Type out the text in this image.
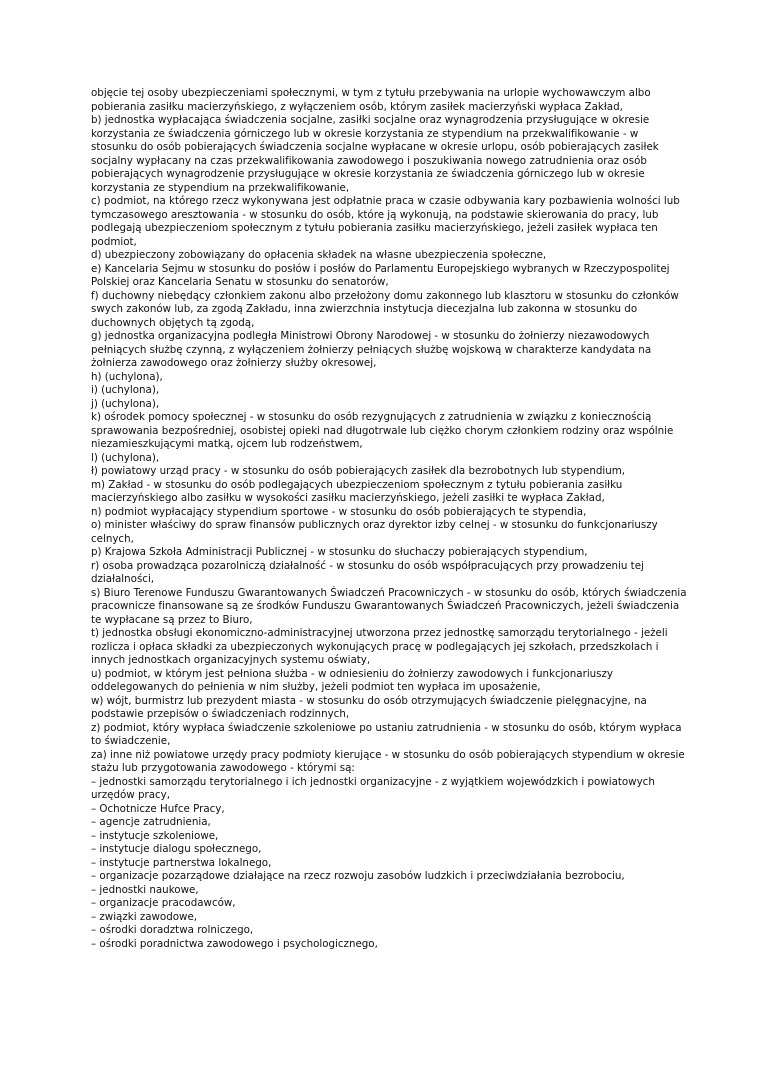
objęcie tej osoby ubezpieczeniami społecznymi, w tym z tytułu przebywania na urlopie wychowawczym albo pobierania zasiłku macierzyńskiego, z wyłączeniem osób, którym zasiłek macierzyński wypłaca Zakład,

b) jednostka wypłacająca świadczenia socjalne, zasiłki socjalne oraz wynagrodzenia przysługujące w okresie korzystania ze świadczenia górniczego lub w okresie korzystania ze stypendium na przekwalifikowanie - w stosunku do osób pobierających świadczenia socjalne wypłacane w okresie urlopu, osób pobierających zasiłek socjalny wypłacany na czas przekwalifikowania zawodowego i poszukiwania nowego zatrudnienia oraz osób pobierających wynagrodzenie przysługujące w okresie korzystania ze świadczenia górniczego lub w okresie korzystania ze stypendium na przekwalifikowanie,

c) podmiot, na którego rzecz wykonywana jest odpłatnie praca w czasie odbywania kary pozbawienia wolności lub tymczasowego aresztowania - w stosunku do osób, które ją wykonują, na podstawie skierowania do pracy, lub podlegają ubezpieczeniom społecznym z tytułu pobierania zasiłku macierzyńskiego, jeżeli zasiłek wypłaca ten podmiot,

d) ubezpieczony zobowiązany do opłacenia składek na własne ubezpieczenia społeczne,

e) Kancelaria Sejmu w stosunku do posłów i posłów do Parlamentu Europejskiego wybranych w Rzeczypospolitej Polskiej oraz Kancelaria Senatu w stosunku do senatorów,

f) duchowny niebędący członkiem zakonu albo przełożony domu zakonnego lub klasztoru w stosunku do członków swych zakonów lub, za zgodą Zakładu, inna zwierzchnia instytucja diecezjalna lub zakonna w stosunku do duchownych objętych tą zgodą,

g) jednostka organizacyjna podległa Ministrowi Obrony Narodowej - w stosunku do żołnierzy niezawodowych pełniących służbę czynną, z wyłączeniem żołnierzy pełniących służbę wojskową w charakterze kandydata na żołnierza zawodowego oraz żołnierzy służby okresowej,

h) (uchylona),

i) (uchylona),

j) (uchylona),

k) ośrodek pomocy społecznej - w stosunku do osób rezygnujących z zatrudnienia w związku z koniecznością sprawowania bezpośredniej, osobistej opieki nad długotrwale lub ciężko chorym członkiem rodziny oraz wspólnie niezamieszkującymi matką, ojcem lub rodzeństwem,

l) (uchylona),

ł) powiatowy urząd pracy - w stosunku do osób pobierających zasiłek dla bezrobotnych lub stypendium,

m) Zakład - w stosunku do osób podlegających ubezpieczeniom społecznym z tytułu pobierania zasiłku macierzyńskiego albo zasiłku w wysokości zasiłku macierzyńskiego, jeżeli zasiłki te wypłaca Zakład,

n) podmiot wypłacający stypendium sportowe - w stosunku do osób pobierających te stypendia,

o) minister właściwy do spraw finansów publicznych oraz dyrektor izby celnej - w stosunku do funkcjonariuszy celnych,

p) Krajowa Szkoła Administracji Publicznej - w stosunku do słuchaczy pobierających stypendium,

r) osoba prowadząca pozarolniczą działalność - w stosunku do osób współpracujących przy prowadzeniu tej działalności,

s) Biuro Terenowe Funduszu Gwarantowanych Świadczeń Pracowniczych - w stosunku do osób, których świadczenia pracownicze finansowane są ze środków Funduszu Gwarantowanych Świadczeń Pracowniczych, jeżeli świadczenia te wypłacane są przez to Biuro,

t) jednostka obsługi ekonomiczno-administracyjnej utworzona przez jednostkę samorządu terytorialnego - jeżeli rozlicza i opłaca składki za ubezpieczonych wykonujących pracę w podlegających jej szkołach, przedszkolach i innych jednostkach organizacyjnych systemu oświaty,

u) podmiot, w którym jest pełniona służba - w odniesieniu do żołnierzy zawodowych i funkcjonariuszy oddelegowanych do pełnienia w nim służby, jeżeli podmiot ten wypłaca im uposażenie,

w) wójt, burmistrz lub prezydent miasta - w stosunku do osób otrzymujących świadczenie pielęgnacyjne, na podstawie przepisów o świadczeniach rodzinnych,

z) podmiot, który wypłaca świadczenie szkoleniowe po ustaniu zatrudnienia - w stosunku do osób, którym wypłaca to świadczenie,

za) inne niż powiatowe urzędy pracy podmioty kierujące - w stosunku do osób pobierających stypendium w okresie stażu lub przygotowania zawodowego - którymi są:

– jednostki samorządu terytorialnego i ich jednostki organizacyjne - z wyjątkiem wojewódzkich i powiatowych urzędów pracy,

– Ochotnicze Hufce Pracy,

– agencje zatrudnienia,

– instytucje szkoleniowe,

– instytucje dialogu społecznego,

– instytucje partnerstwa lokalnego,

– organizacje pozarządowe działające na rzecz rozwoju zasobów ludzkich i przeciwdziałania bezrobociu,

– jednostki naukowe,

– organizacje pracodawców,

– związki zawodowe,

– ośrodki doradztwa rolniczego,

– ośrodki poradnictwa zawodowego i psychologicznego,
